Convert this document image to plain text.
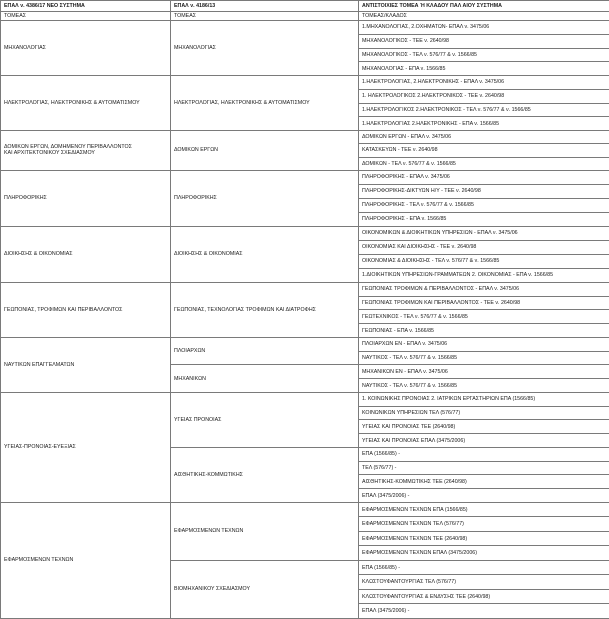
ΕΠΑΛ ν. 4386/17 ΝΕΟ ΣΥΣΤΗΜΑ	ΕΠΑΛ ν. 4186/13	ΑΝΤΙΣΤΟΙΧΙΕΣ ΤΟΜΕΑ Ή ΚΛΑΔΟΥ ΠΑΛ ΑΙΟΥ ΣΥΣΤΗΜΑ
ΤΟΜΕΑΣ	ΤΟΜΕΑΣ	ΤΟΜΕΑΣ/ΚΛΑΔΟΣ
ΜΗΧΑΝΟΛΟΓΙΑΣ	ΜΗΧΑΝΟΛΟΓΙΑΣ	1.ΜΗΧΑΝΟΛΟΓΙΑΣ, 2.ΟΧΗΜΑΤΩΝ- ΕΠΑΛ ν. 3475/06
		ΜΗΧΑΝΟΛΟΓΙΚΟΣ - ΤΕΕ ν. 2640/98
		ΜΗΧΑΝΟΛΟΓΙΚΟΣ - ΤΕΛ ν. 576/77 & ν. 1566/85
		ΜΗΧΑΝΟΛΟΓΙΑΣ - ΕΠΑ ν. 1566/85
ΗΛΕΚΤΡΟΛΟΓΙΑΣ, ΗΛΕΚΤΡΟΝΙΚΗΣ & ΑΥΤΟΜΑΤΙΣΜΟΥ	ΗΛΕΚΤΡΟΛΟΓΙΑΣ, ΗΛΕΚΤΡΟΝΙΚΗΣ & ΑΥΤΟΜΑΤΙΣΜΟΥ	1.ΗΛΕΚΤΡΟΛΟΓΙΑΣ, 2.ΗΛΕΚΤΡΟΝΙΚΗΣ - ΕΠΑΛ ν. 3475/06
		1. ΗΛΕΚΤΡΟΛΟΓΙΚΟΣ 2.ΗΛΕΚΤΡΟΝΙΚΟΣ - ΤΕΕ ν. 2640/98
		1.ΗΛΕΚΤΡΟΛΟΓΙΚΟΣ 2.ΗΛΕΚΤΡΟΝΙΚΟΣ - ΤΕΛ ν. 576/77 & ν. 1566/85
		1.ΗΛΕΚΤΡΟΛΟΓΙΑΣ 2.ΗΛΕΚΤΡΟΝΙΚΗΣ - ΕΠΑ ν. 1566/85
ΔΟΜΙΚΩΝ ΕΡΓΩΝ, ΔΟΜΗΜΕΝΟΥ ΠΕΡΙΒΑΛΛΟΝΤΟΣ
ΚΑΙ ΑΡΧΙΤΕΚΤΟΝΙΚΟΥ ΣΧΕΔΙΑΣΜΟΥ	ΔΟΜΙΚΩΝ ΕΡΓΩΝ	ΔΟΜΙΚΩΝ ΕΡΓΩΝ - ΕΠΑΛ ν. 3475/06
		ΚΑΤΑΣΚΕΥΩΝ - ΤΕΕ ν. 2640/98
		ΔΟΜΙΚΩΝ - ΤΕΛ ν. 576/77 & ν. 1566/85
ΠΛΗΡΟΦΟΡΙΚΗΣ	ΠΛΗΡΟΦΟΡΙΚΗΣ	ΠΛΗΡΟΦΟΡΙΚΗΣ - ΕΠΑΛ ν. 3475/06
		ΠΛΗΡΟΦΟΡΙΚΗΣ-ΔΙΚΤΥΩΝ Η/Υ - ΤΕΕ ν. 2640/98
		ΠΛΗΡΟΦΟΡΙΚΗΣ - ΤΕΛ ν. 576/77 & ν. 1566/85
		ΠΛΗΡΟΦΟΡΙΚΗΣ - ΕΠΑ ν. 1566/85
ΔΙΟΙΚΗΣΗΣ & ΟΙΚΟΝΟΜΙΑΣ	ΔΙΟΙΚΗΣΗΣ & ΟΙΚΟΝΟΜΙΑΣ	ΟΙΚΟΝΟΜΙΚΩΝ & ΔΙΟΙΚΗΤΙΚΩΝ ΥΠΗΡΕΣΙΩΝ - ΕΠΑΛ ν. 3475/06
		ΟΙΚΟΝΟΜΙΑΣ ΚΑΙ ΔΙΟΙΚΗΣΗΣ - ΤΕΕ ν. 2640/98
		ΟΙΚΟΝΟΜΙΑΣ & ΔΙΟΙΚΗΣΗΣ - ΤΕΛ ν. 576/77 & ν. 1566/85
		1.ΔΙΟΙΚΗΤΙΚΩΝ ΥΠΗΡΕΣΙΩΝ-ΓΡΑΜΜΑΤΕΩΝ 2. ΟΙΚΟΝΟΜΙΑΣ - ΕΠΑ ν. 1566/85
ΓΕΩΠΟΝΙΑΣ, ΤΡΟΦΙΜΩΝ ΚΑΙ ΠΕΡΙΒΑΛΛΟΝΤΟΣ	ΓΕΩΠΟΝΙΑΣ, ΤΕΧΝΟΛΟΓΙΑΣ ΤΡΟΦΙΜΩΝ ΚΑΙ ΔΙΑΤΡΟΦΗΣ	ΓΕΩΠΟΝΙΑΣ ΤΡΟΦΙΜΩΝ & ΠΕΡΙΒΑΛΛΟΝΤΟΣ - ΕΠΑΛ ν. 3475/06
		ΓΕΩΠΟΝΙΑΣ ΤΡΟΦΙΜΩΝ ΚΑΙ ΠΕΡΙΒΑΛΛΟΝΤΟΣ - ΤΕΕ ν. 2640/98
		ΓΕΩΤΕΧΝΙΚΟΣ - ΤΕΛ ν. 576/77 & ν. 1566/85
		ΓΕΩΠΟΝΙΑΣ - ΕΠΑ ν. 1566/85
ΝΑΥΤΙΚΩΝ ΕΠΑΓΓΕΛΜΑΤΩΝ	ΠΛΟΙΑΡΧΩΝ	ΠΛΟΙΑΡΧΩΝ ΕΝ - ΕΠΑΛ ν. 3475/06
		ΝΑΥΤΙΚΟΣ - ΤΕΛ ν. 576/77 & ν. 1566/85
	ΜΗΧΑΝΙΚΩΝ	ΜΗΧΑΝΙΚΩΝ ΕΝ - ΕΠΑΛ ν. 3475/06
		ΝΑΥΤΙΚΟΣ - ΤΕΛ ν. 576/77 & ν. 1566/85
ΥΓΕΙΑΣ-ΠΡΟΝΟΙΑΣ-ΕΥΕΞΙΑΣ	ΥΓΕΙΑΣ ΠΡΟΝΟΙΑΣ	1. ΚΟΙΝΩΝΙΚΗΣ ΠΡΟΝΟΙΑΣ 2. ΙΑΤΡΙΚΩΝ ΕΡΓΑΣΤΗΡΙΩΝ ΕΠΑ (1566/85)
		ΚΟΙΝΩΝΙΚΩΝ ΥΠΗΡΕΣΙΩΝ ΤΕΛ (576/77)
		ΥΓΕΙΑΣ ΚΑΙ ΠΡΟΝΟΙΑΣ ΤΕΕ (2640/98)
		ΥΓΕΙΑΣ ΚΑΙ ΠΡΟΝΟΙΑΣ ΕΠΑΛ (3475/2006)
	ΑΙΣΘΗΤΙΚΗΣ-ΚΟΜΜΩΤΙΚΗΣ	ΕΠΑ (1566/85) -
		ΤΕΛ (576/77) -
		ΑΙΣΘΗΤΙΚΗΣ-ΚΟΜΜΩΤΙΚΗΣ ΤΕΕ (2640/98)
		ΕΠΑΛ (3475/2006) -
ΕΦΑΡΜΟΣΜΕΝΩΝ ΤΕΧΝΩΝ	ΕΦΑΡΜΟΣΜΕΝΩΝ ΤΕΧΝΩΝ	ΕΦΑΡΜΟΣΜΕΝΩΝ ΤΕΧΝΩΝ ΕΠΑ (1566/85)
		ΕΦΑΡΜΟΣΜΕΝΩΝ ΤΕΧΝΩΝ ΤΕΛ (576/77)
		ΕΦΑΡΜΟΣΜΕΝΩΝ ΤΕΧΝΩΝ ΤΕΕ (2640/98)
		ΕΦΑΡΜΟΣΜΕΝΩΝ ΤΕΧΝΩΝ ΕΠΑΛ (3475/2006)
	ΒΙΟΜΗΧΑΝΙΚΟΥ ΣΧΕΔΙΑΣΜΟΥ	ΕΠΑ (1566/85) -
		ΚΛΩΣΤΟΥΦΑΝΤΟΥΡΓΙΑΣ ΤΕΛ (576/77)
		ΚΛΩΣΤΟΥΦΑΝΤΟΥΡΓΙΑΣ & ΕΝΔΥΣΗΣ ΤΕΕ (2640/98)
		ΕΠΑΛ (3475/2006) -
